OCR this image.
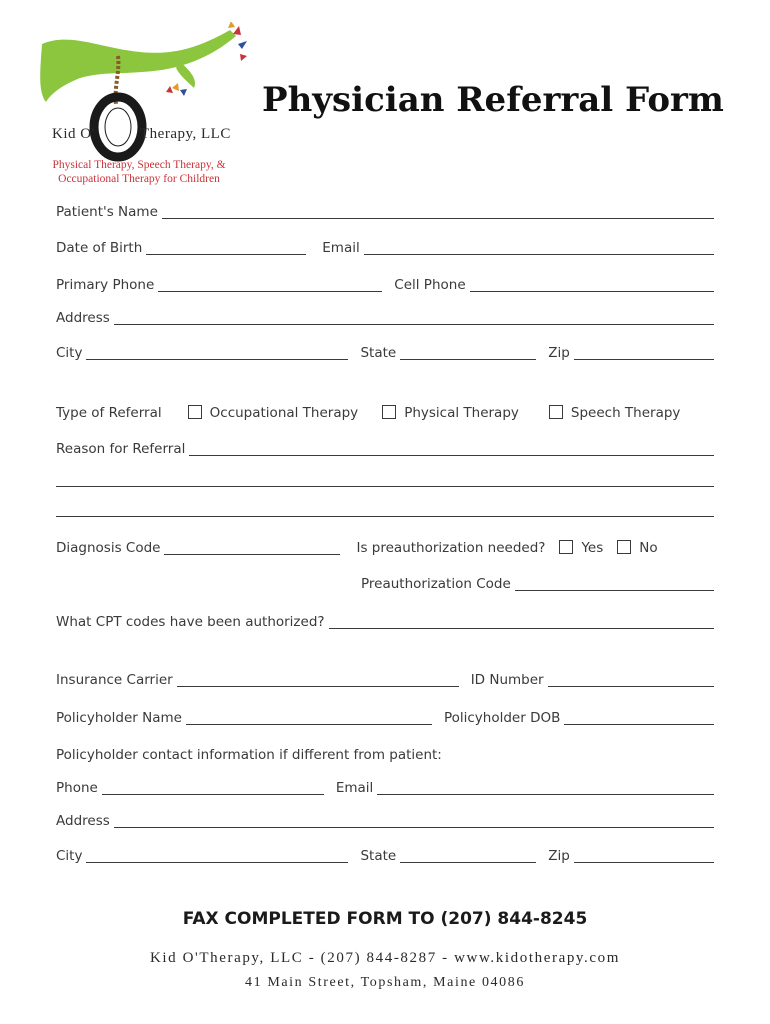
Kid O'	Therapy, LLC
Physical Therapy, Speech Therapy, &
Occupational Therapy for Children
Physician Referral Form
Patient's Name
Date of Birth	Email
Primary Phone	Cell Phone
Address
City	State	Zip
Type of Referral	Occupational Therapy	Physical Therapy	Speech Therapy
Reason for Referral
Diagnosis Code	Is preauthorization needed?	Yes	No
Preauthorization Code
What CPT codes have been authorized?
Insurance Carrier	ID Number
Policyholder Name	Policyholder DOB
Policyholder contact information if different from patient:
Phone	Email
Address
City	State	Zip
FAX COMPLETED FORM TO (207) 844-8245
Kid O'Therapy, LLC - (207) 844-8287 - www.kidotherapy.com
41 Main Street, Topsham, Maine 04086
